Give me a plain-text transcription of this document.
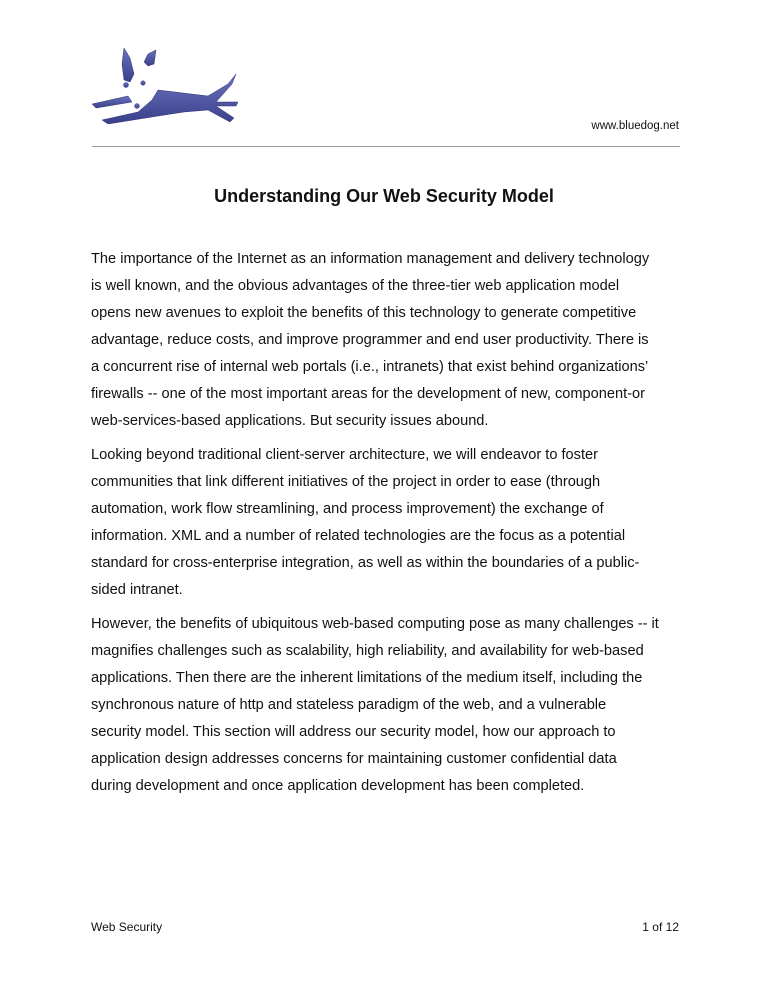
www.bluedog.net
Understanding Our Web Security Model
The importance of the Internet as an information management and delivery technology
is well known, and the obvious advantages of the three-tier web application model
opens new avenues to exploit the benefits of this technology to generate competitive
advantage, reduce costs, and improve programmer and end user productivity. There is
a concurrent rise of internal web portals (i.e., intranets) that exist behind organizations’
firewalls -- one of the most important areas for the development of new, component-or
web-services-based applications. But security issues abound.
Looking beyond traditional client-server architecture, we will endeavor to foster
communities that link different initiatives of the project in order to ease (through
automation, work flow streamlining, and process improvement) the exchange of
information. XML and a number of related technologies are the focus as a potential
standard for cross-enterprise integration, as well as within the boundaries of a public-
sided intranet.
However, the benefits of ubiquitous web-based computing pose as many challenges -- it
magnifies challenges such as scalability, high reliability, and availability for web-based
applications. Then there are the inherent limitations of the medium itself, including the
synchronous nature of http and stateless paradigm of the web, and a vulnerable
security model. This section will address our security model, how our approach to
application design addresses concerns for maintaining customer confidential data
during development and once application development has been completed.
Web Security	1 of 12
